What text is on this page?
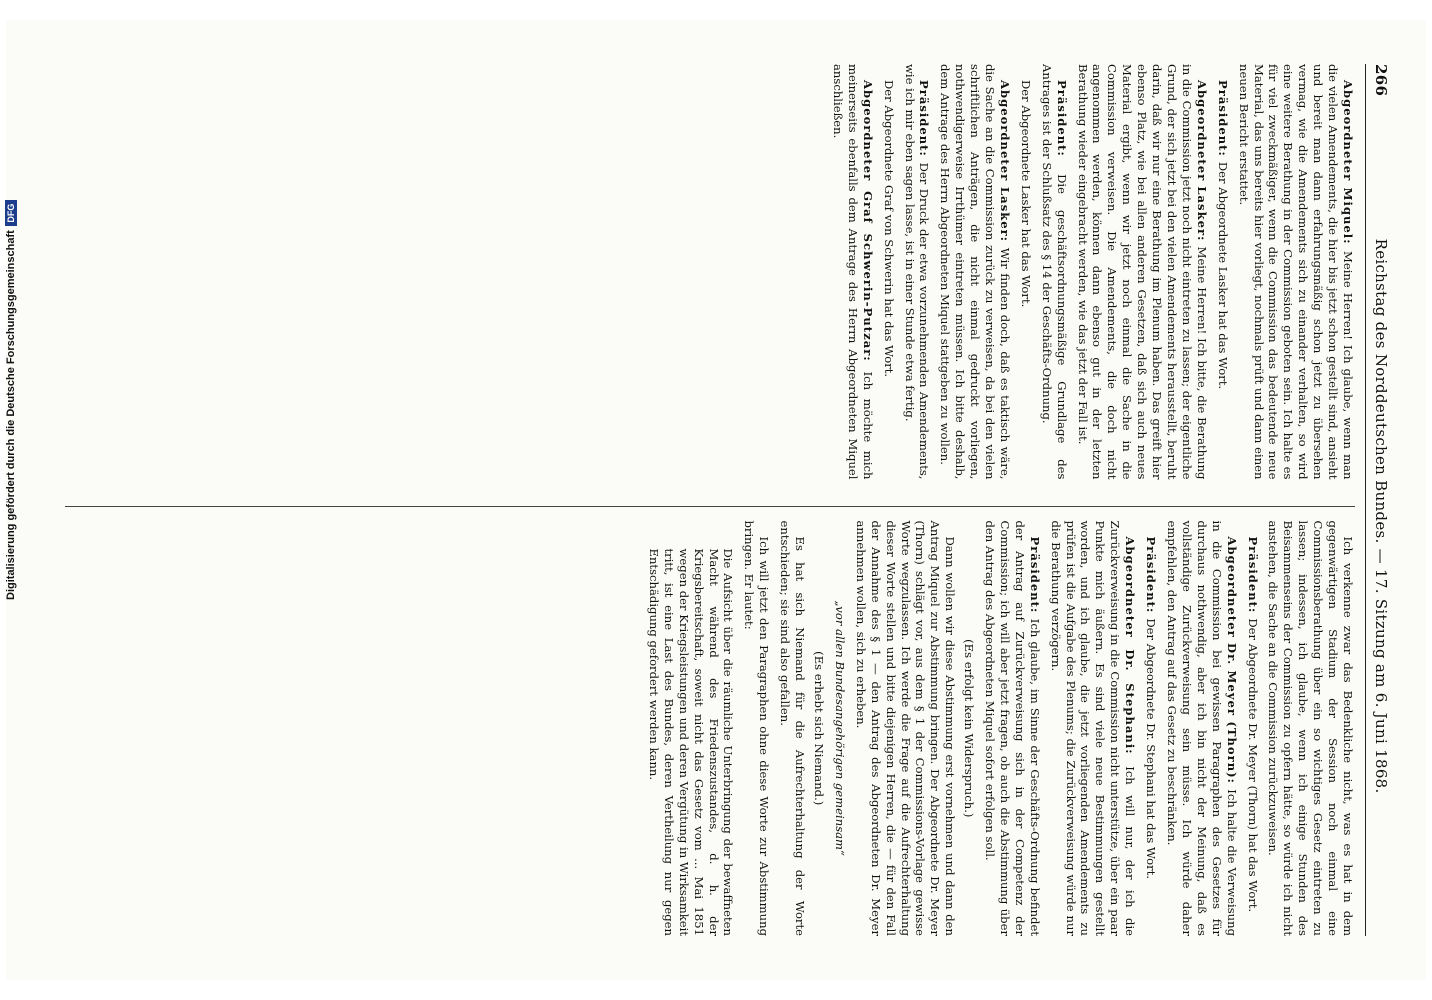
266
Reichstag des Norddeutschen Bundes. — 17. Sitzung am 6. Juni 1868.

Abgeordneter Miquel: Meine Herren! Ich glaube, wenn man die vielen Amendements, die hier bis jetzt schon gestellt sind, ansieht und bereit man dann erfahrungsmäßig schon jetzt zu übersehen vermag, wie die Amendements sich zu einander verhalten, so wird eine weitere Berathung in der Commission geboten sein. Ich halte es für viel zweckmäßiger, wenn die Commission das bedeutende neue Material, das uns bereits hier vorliegt, nochmals prüft und dann einen neuen Bericht erstattet.

Präsident: Der Abgeordnete Lasker hat das Wort.

Abgeordneter Lasker: Meine Herren! Ich bitte, die Berathung in die Commission jetzt noch nicht eintreten zu lassen; der eigentliche Grund, der sich jetzt bei den vielen Amendements herausstellt, beruht darin, daß wir nur eine Berathung im Plenum haben. Das greift hier ebenso Platz, wie bei allen anderen Gesetzen, daß sich auch neues Material ergibt, wenn wir jetzt noch einmal die Sache in die Commission verweisen. Die Amendements, die doch nicht angenommen werden, können dann ebenso gut in der letzten Berathung wieder eingebracht werden, wie das jetzt der Fall ist.

Präsident: Die geschäftsordnungsmäßige Grundlage des Antrages ist der Schlußsatz des § 14 der Geschäfts-Ordnung.

Der Abgeordnete Lasker hat das Wort.

Abgeordneter Lasker: Wir finden doch, daß es taktisch wäre, die Sache an die Commission zurück zu verweisen, da bei den vielen schriftlichen Anträgen, die nicht einmal gedruckt vorliegen, nothwendigerweise Irrthümer eintreten müssen. Ich bitte deshalb, dem Antrage des Herrn Abgeordneten Miquel stattgeben zu wollen.

Präsident: Der Druck der etwa vorzunehmenden Amendements, wie ich mir eben sagen lasse, ist in einer Stunde etwa fertig.

Der Abgeordnete Graf von Schwerin hat das Wort.

Abgeordneter Graf Schwerin-Putzar: Ich möchte mich meinerseits ebenfalls dem Antrage des Herrn Abgeordneten Miquel anschließen.

Ich verkenne zwar das Bedenkliche nicht, was es hat in dem gegenwärtigen Stadium der Session noch einmal eine Commissionsberathung über ein so wichtiges Gesetz eintreten zu lassen; indessen, ich glaube, wenn ich einige Stunden des Beisammenseins der Commission zu opfern hätte, so würde ich nicht anstehen, die Sache an die Commission zurückzuweisen.

Präsident: Der Abgeordnete Dr. Meyer (Thorn) hat das Wort.

Abgeordneter Dr. Meyer (Thorn): Ich halte die Verweisung in die Commission bei gewissen Paragraphen des Gesetzes für durchaus nothwendig, aber ich bin nicht der Meinung, daß es vollständige Zurückverweisung sein müsse. Ich würde daher empfehlen, den Antrag auf das Gesetz zu beschränken.

Präsident: Der Abgeordnete Dr. Stephani hat das Wort.

Abgeordneter Dr. Stephani: Ich will nur, der ich die Zurückverweisung in die Commission nicht unterstütze, über ein paar Punkte mich äußern. Es sind viele neue Bestimmungen gestellt worden, und ich glaube, die jetzt vorliegenden Amendements zu prüfen ist die Aufgabe des Plenums; die Zurückverweisung würde nur die Berathung verzögern.

Präsident: Ich glaube, im Sinne der Geschäfts-Ordnung befindet der Antrag auf Zurückverweisung sich in der Competenz der Commission; ich will aber jetzt fragen, ob auch die Abstimmung über den Antrag des Abgeordneten Miquel sofort erfolgen soll.

(Es erfolgt kein Widerspruch.)

Dann wollen wir diese Abstimmung erst vornehmen und dann den Antrag Miquel zur Abstimmung bringen. Der Abgeordnete Dr. Meyer (Thorn) schlägt vor, aus dem § 1 der Commissions-Vorlage gewisse Worte wegzulassen. Ich werde die Frage auf die Aufrechterhaltung dieser Worte stellen und bitte diejenigen Herren, die — für den Fall der Annahme des § 1 — den Antrag des Abgeordneten Dr. Meyer annehmen wollen, sich zu erheben.

„vor allen Bundesangehörigen gemeinsam“

(Es erhebt sich Niemand.)

Es hat sich Niemand für die Aufrechterhaltung der Worte entschieden; sie sind also gefallen.

Ich will jetzt den Paragraphen ohne diese Worte zur Abstimmung bringen. Er lautet:

Die Aufsicht über die räumliche Unterbringung der bewaffneten Macht während des Friedenszustandes, d. h. der Kriegsbereitschaft, soweit nicht das Gesetz vom ... Mai 1851 wegen der Kriegsleistungen und deren Vergütung in Wirksamkeit tritt, ist eine Last des Bundes, deren Vertheilung nur gegen Entschädigung gefordert werden kann.

Digitalisierung gefördert durch die Deutsche Forschungsgemeinschaft
DFG
